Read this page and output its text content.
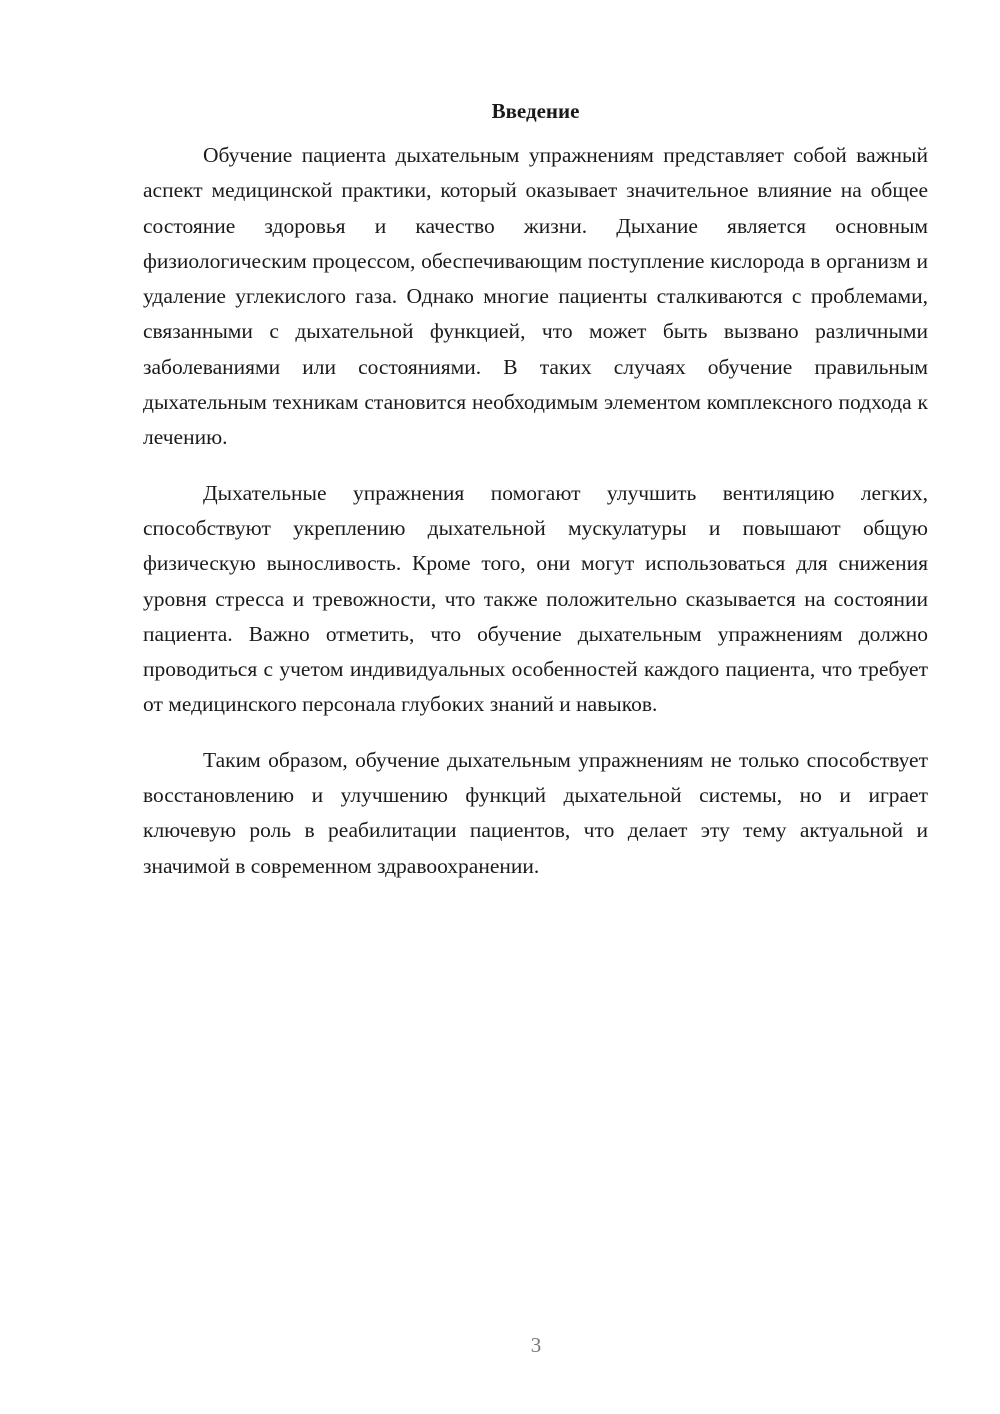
Введение

Обучение пациента дыхательным упражнениям представляет собой важный аспект медицинской практики, который оказывает значительное влияние на общее состояние здоровья и качество жизни. Дыхание является основным физиологическим процессом, обеспечивающим поступление кислорода в организм и удаление углекислого газа. Однако многие пациенты сталкиваются с проблемами, связанными с дыхательной функцией, что может быть вызвано различными заболеваниями или состояниями. В таких случаях обучение правильным дыхательным техникам становится необходимым элементом комплексного подхода к лечению.

Дыхательные упражнения помогают улучшить вентиляцию легких, способствуют укреплению дыхательной мускулатуры и повышают общую физическую выносливость. Кроме того, они могут использоваться для снижения уровня стресса и тревожности, что также положительно сказывается на состоянии пациента. Важно отметить, что обучение дыхательным упражнениям должно проводиться с учетом индивидуальных особенностей каждого пациента, что требует от медицинского персонала глубоких знаний и навыков.

Таким образом, обучение дыхательным упражнениям не только способствует восстановлению и улучшению функций дыхательной системы, но и играет ключевую роль в реабилитации пациентов, что делает эту тему актуальной и значимой в современном здравоохранении.

3
